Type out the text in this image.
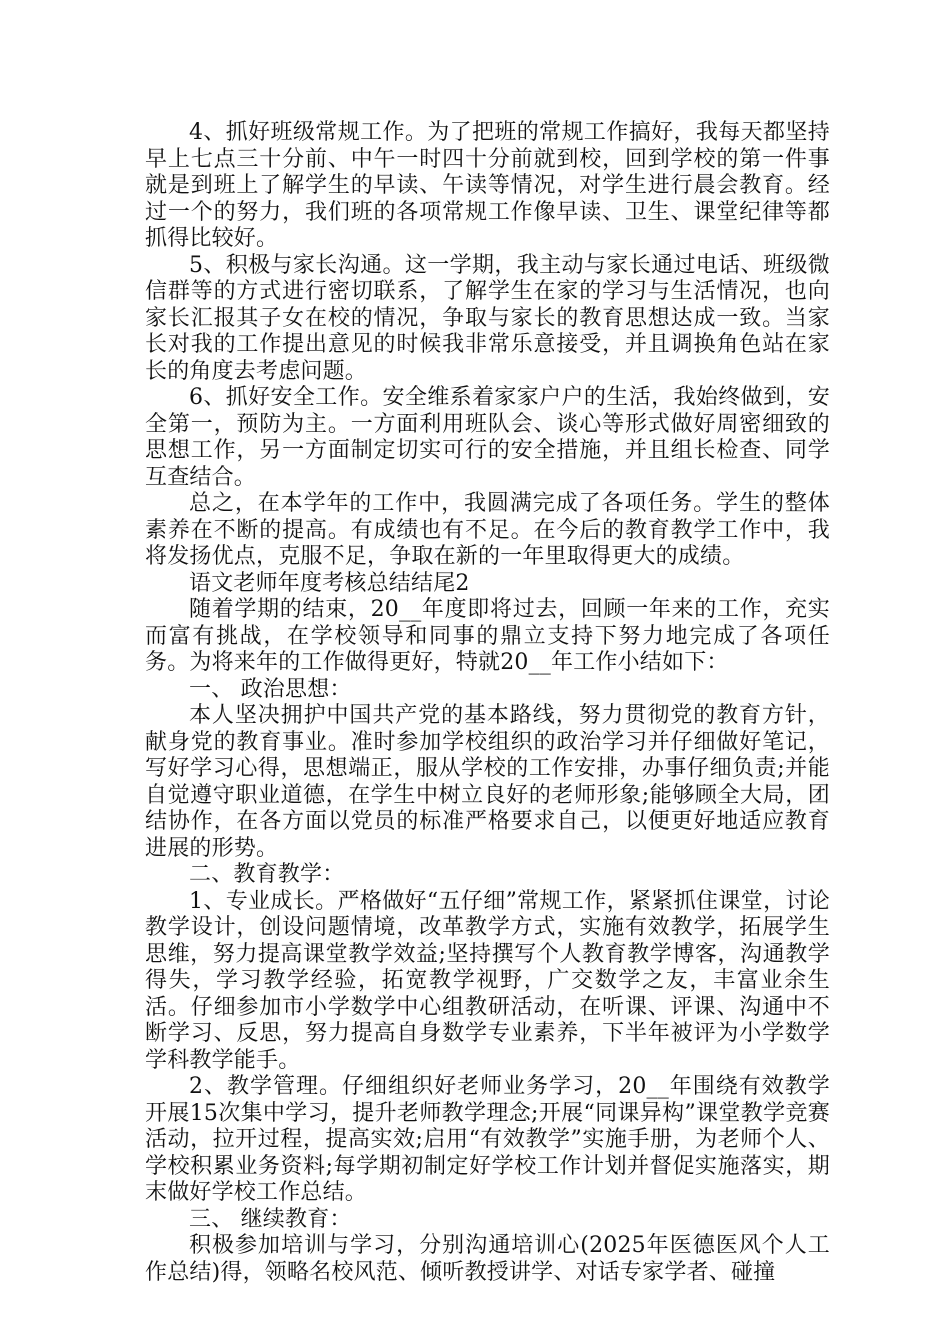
4、抓好班级常规工作。为了把班的常规工作搞好，我每天都坚持早上七点三十分前、中午一时四十分前就到校，回到学校的第一件事就是到班上了解学生的早读、午读等情况，对学生进行晨会教育。经过一个的努力，我们班的各项常规工作像早读、卫生、课堂纪律等都抓得比较好。

5、积极与家长沟通。这一学期，我主动与家长通过电话、班级微信群等的方式进行密切联系，了解学生在家的学习与生活情况，也向家长汇报其子女在校的情况，争取与家长的教育思想达成一致。当家长对我的工作提出意见的时候我非常乐意接受，并且调换角色站在家长的角度去考虑问题。

6、抓好安全工作。安全维系着家家户户的生活，我始终做到，安全第一，预防为主。一方面利用班队会、谈心等形式做好周密细致的思想工作，另一方面制定切实可行的安全措施，并且组长检查、同学互查结合。

总之，在本学年的工作中，我圆满完成了各项任务。学生的整体素养在不断的提高。有成绩也有不足。在今后的教育教学工作中，我将发扬优点，克服不足，争取在新的一年里取得更大的成绩。

语文老师年度考核总结结尾2

随着学期的结束，20__年度即将过去，回顾一年来的工作，充实而富有挑战，在学校领导和同事的鼎立支持下努力地完成了各项任务。为将来年的工作做得更好，特就20__年工作小结如下：

一、 政治思想：

本人坚决拥护中国共产党的基本路线，努力贯彻党的教育方针，献身党的教育事业。准时参加学校组织的政治学习并仔细做好笔记，写好学习心得，思想端正，服从学校的工作安排，办事仔细负责;并能自觉遵守职业道德，在学生中树立良好的老师形象;能够顾全大局，团结协作，在各方面以党员的标准严格要求自己，以便更好地适应教育进展的形势。

二、教育教学：

1、专业成长。严格做好“五仔细”常规工作，紧紧抓住课堂，讨论教学设计，创设问题情境，改革教学方式，实施有效教学，拓展学生思维，努力提高课堂教学效益;坚持撰写个人教育教学博客，沟通教学得失，学习教学经验，拓宽教学视野，广交数学之友，丰富业余生活。仔细参加市小学数学中心组教研活动，在听课、评课、沟通中不断学习、反思，努力提高自身数学专业素养，下半年被评为小学数学学科教学能手。

2、教学管理。仔细组织好老师业务学习，20__年围绕有效教学开展15次集中学习，提升老师教学理念;开展“同课异构”课堂教学竞赛活动，拉开过程，提高实效;启用“有效教学”实施手册，为老师个人、学校积累业务资料;每学期初制定好学校工作计划并督促实施落实，期末做好学校工作总结。

三、 继续教育：

积极参加培训与学习，分别沟通培训心(2025年医德医风个人工作总结)得，领略名校风范、倾听教授讲学、对话专家学者、碰撞
